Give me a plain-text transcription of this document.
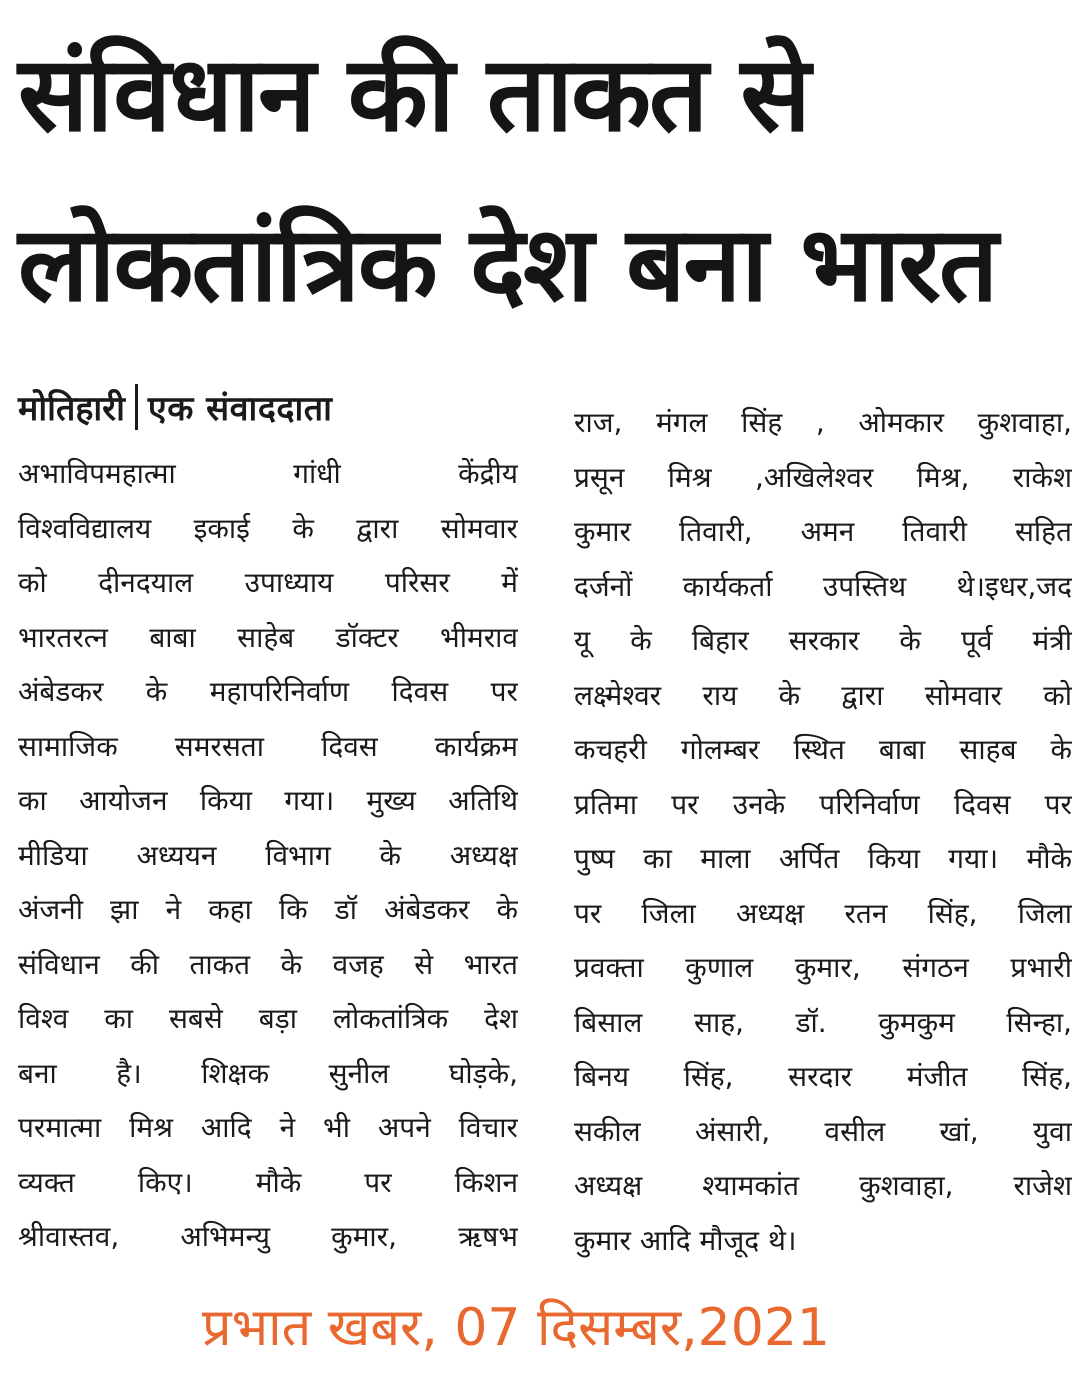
संविधान की ताकत से
लोकतांत्रिक देश बना भारत
मोतिहारी एक संवाददाता
अभाविपमहात्मा गांधी केंद्रीय
विश्वविद्यालय इकाई के द्वारा सोमवार
को दीनदयाल उपाध्याय परिसर में
भारतरत्न बाबा साहेब डॉक्टर भीमराव
अंबेडकर के महापरिनिर्वाण दिवस पर
सामाजिक समरसता दिवस कार्यक्रम
का आयोजन किया गया। मुख्य अतिथि
मीडिया अध्ययन विभाग के अध्यक्ष
अंजनी झा ने कहा कि डॉ अंबेडकर के
संविधान की ताकत के वजह से भारत
विश्व का सबसे बड़ा लोकतांत्रिक देश
बना है। शिक्षक सुनील घोड़के,
परमात्मा मिश्र आदि ने भी अपने विचार
व्यक्त किए। मौके पर किशन
श्रीवास्तव, अभिमन्यु कुमार, ऋषभ
राज, मंगल सिंह , ओमकार कुशवाहा,
प्रसून मिश्र ,अखिलेश्वर मिश्र, राकेश
कुमार तिवारी, अमन तिवारी सहित
दर्जनों कार्यकर्ता उपस्तिथ थे।इधर,जद
यू के बिहार सरकार के पूर्व मंत्री
लक्ष्मेश्वर राय के द्वारा सोमवार को
कचहरी गोलम्बर स्थित बाबा साहब के
प्रतिमा पर उनके परिनिर्वाण दिवस पर
पुष्प का माला अर्पित किया गया। मौके
पर जिला अध्यक्ष रतन सिंह, जिला
प्रवक्ता कुणाल कुमार, संगठन प्रभारी
बिसाल साह, डॉ. कुमकुम सिन्हा,
बिनय सिंह, सरदार मंजीत सिंह,
सकील अंसारी, वसील खां, युवा
अध्यक्ष श्यामकांत कुशवाहा, राजेश
कुमार आदि मौजूद थे।
प्रभात खबर, 07 दिसम्बर,2021
